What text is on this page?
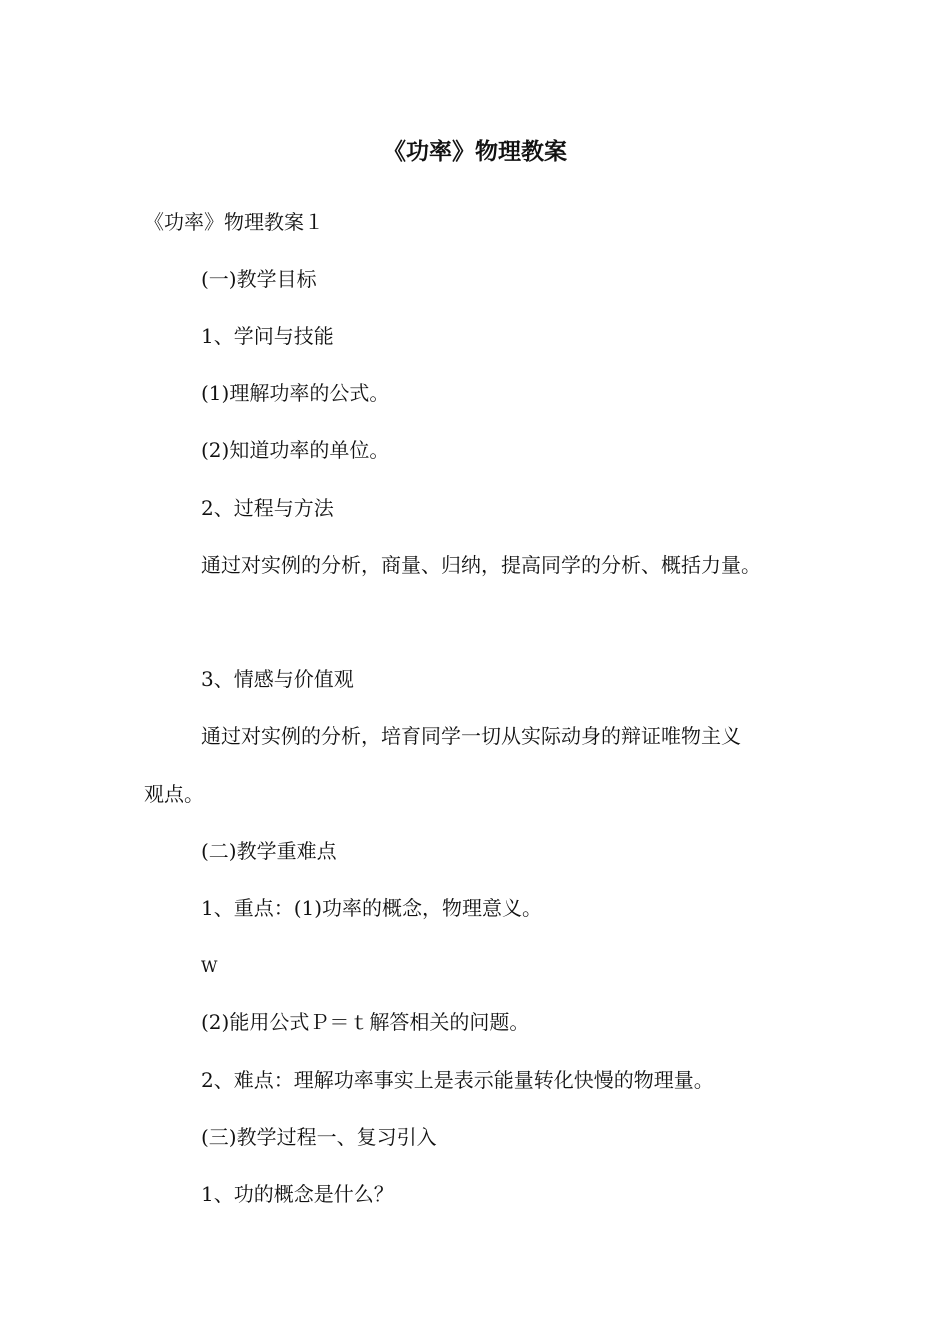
《功率》物理教案
《功率》物理教案１
(一)教学目标
1、学问与技能
(1)理解功率的公式。
(2)知道功率的单位。
2、过程与方法
通过对实例的分析，商量、归纳，提高同学的分析、概括力量。
3、情感与价值观
通过对实例的分析，培育同学一切从实际动身的辩证唯物主义
观点。
(二)教学重难点
1、重点：(1)功率的概念，物理意义。
W
(2)能用公式Ｐ＝ｔ解答相关的问题。
2、难点：理解功率事实上是表示能量转化快慢的物理量。
(三)教学过程一、复习引入
1、功的概念是什么？
